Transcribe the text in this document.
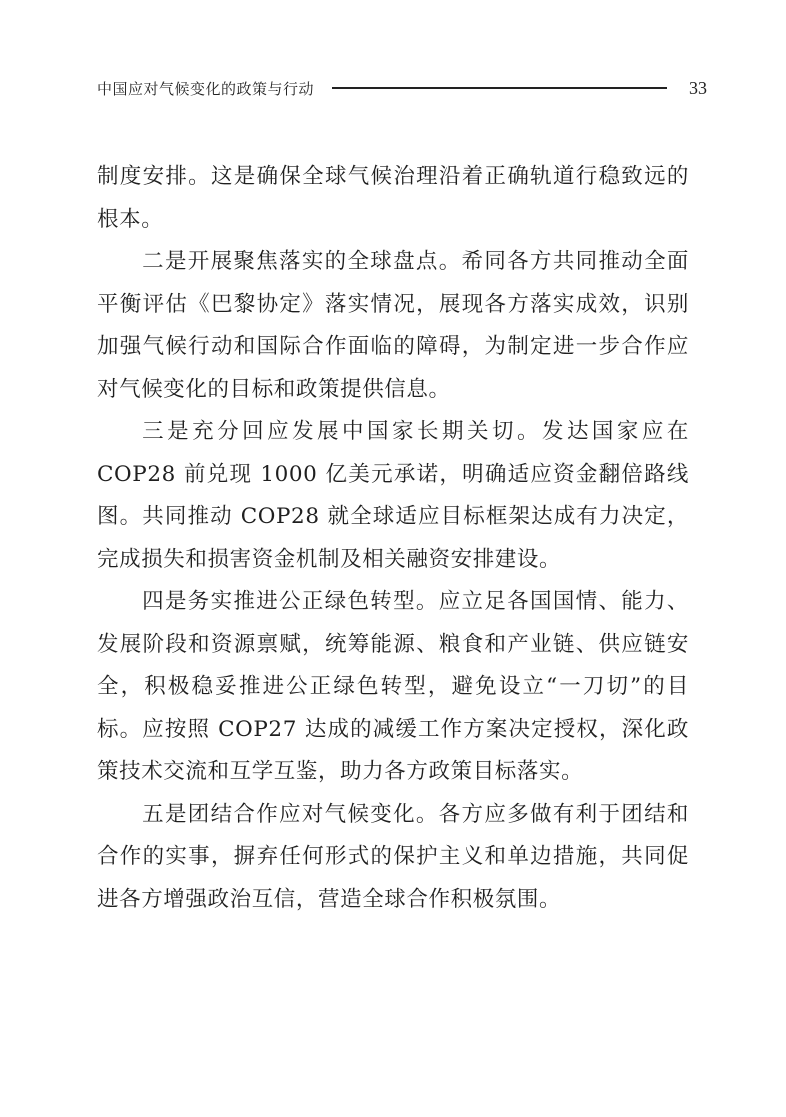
中国应对气候变化的政策与行动	33

制度安排。这是确保全球气候治理沿着正确轨道行稳致远的根本。

二是开展聚焦落实的全球盘点。希同各方共同推动全面平衡评估《巴黎协定》落实情况，展现各方落实成效，识别加强气候行动和国际合作面临的障碍，为制定进一步合作应对气候变化的目标和政策提供信息。

三是充分回应发展中国家长期关切。发达国家应在 COP28 前兑现 1000 亿美元承诺，明确适应资金翻倍路线图。共同推动 COP28 就全球适应目标框架达成有力决定，完成损失和损害资金机制及相关融资安排建设。

四是务实推进公正绿色转型。应立足各国国情、能力、发展阶段和资源禀赋，统筹能源、粮食和产业链、供应链安全，积极稳妥推进公正绿色转型，避免设立“一刀切”的目标。应按照 COP27 达成的减缓工作方案决定授权，深化政策技术交流和互学互鉴，助力各方政策目标落实。

五是团结合作应对气候变化。各方应多做有利于团结和合作的实事，摒弃任何形式的保护主义和单边措施，共同促进各方增强政治互信，营造全球合作积极氛围。
